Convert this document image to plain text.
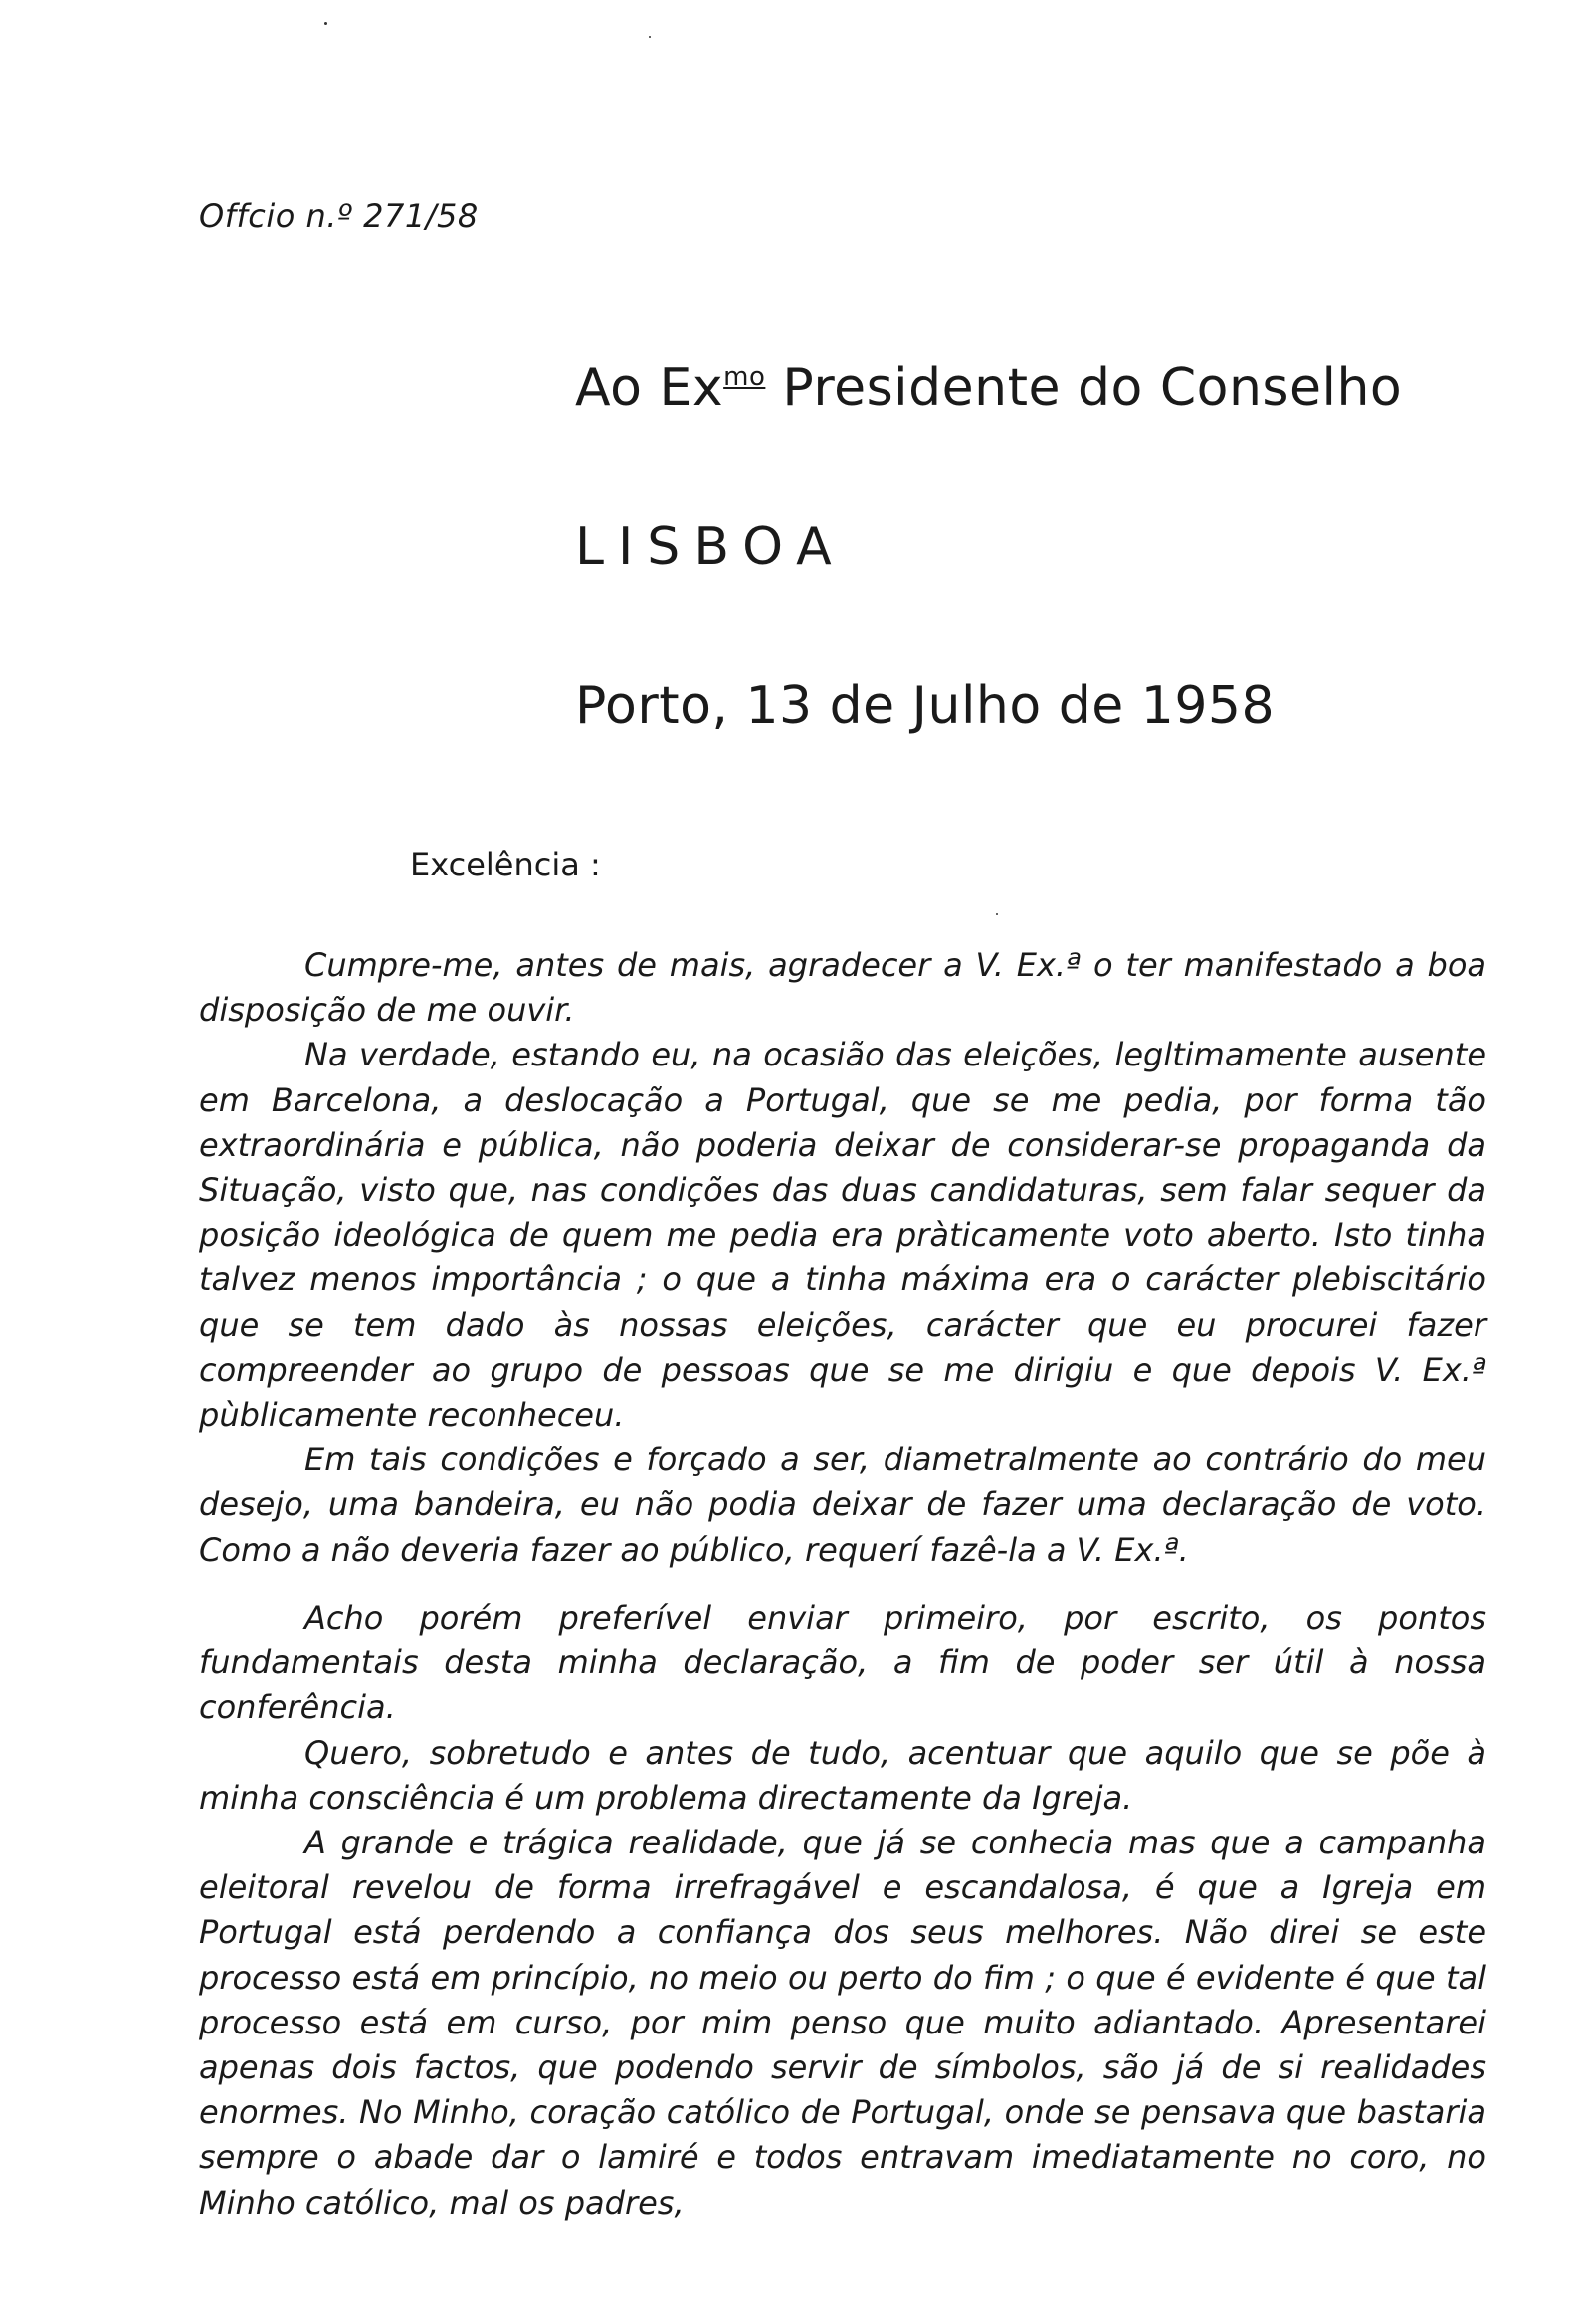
Offcio n.º 271/58
Ao $Ex^{mo}$ Presidente do Conselho
LISBOA
Porto, 13 de Julho de 1958
Excelência :

Cumpre-me, antes de mais, agradecer a V. Ex.ª o ter manifestado a boa disposição de me ouvir.

Na verdade, estando eu, na ocasião das eleições, legltimamente ausente em Barcelona, a deslocação a Portugal, que se me pedia, por forma tão extraordinária e pública, não poderia deixar de considerar-se propaganda da Situação, visto que, nas condições das duas candidaturas, sem falar sequer da posição ideológica de quem me pedia era pràticamente voto aberto. Isto tinha talvez menos importância ; o que a tinha máxima era o carácter plebiscitário que se tem dado às nossas eleições, carácter que eu procurei fazer compreender ao grupo de pessoas que se me dirigiu e que depois V. Ex.ª pùblicamente reconheceu.

Em tais condições e forçado a ser, diametralmente ao contrário do meu desejo, uma bandeira, eu não podia deixar de fazer uma declaração de voto. Como a não deveria fazer ao público, requerí fazê-la a V. Ex.ª.

Acho porém preferível enviar primeiro, por escrito, os pontos fundamentais desta minha declaração, a fim de poder ser útil à nossa conferência.

Quero, sobretudo e antes de tudo, acentuar que aquilo que se põe à minha consciência é um problema directamente da Igreja.

A grande e trágica realidade, que já se conhecia mas que a campanha eleitoral revelou de forma irrefragável e escandalosa, é que a Igreja em Portugal está perdendo a confiança dos seus melhores. Não direi se este processo está em princípio, no meio ou perto do fim ; o que é evidente é que tal processo está em curso, por mim penso que muito adiantado. Apresentarei apenas dois factos, que podendo servir de símbolos, são já de si realidades enormes. No Minho, coração católico de Portugal, onde se pensava que bastaria sempre o abade dar o lamiré e todos entravam imediatamente no coro, no Minho católico, mal os padres,
